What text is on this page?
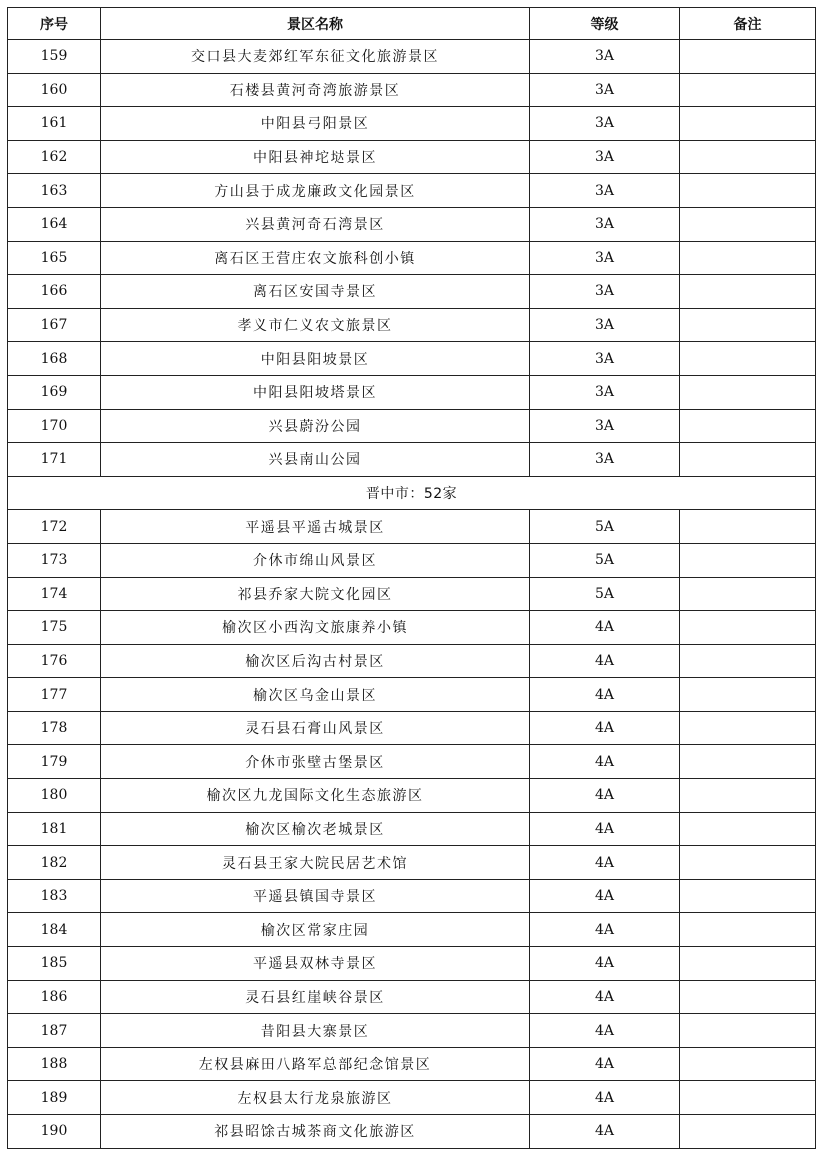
序号	景区名称	等级	备注
159	交口县大麦郊红军东征文化旅游景区	3A	
160	石楼县黄河奇湾旅游景区	3A	
161	中阳县弓阳景区	3A	
162	中阳县神坨垯景区	3A	
163	方山县于成龙廉政文化园景区	3A	
164	兴县黄河奇石湾景区	3A	
165	离石区王营庄农文旅科创小镇	3A	
166	离石区安国寺景区	3A	
167	孝义市仁义农文旅景区	3A	
168	中阳县阳坡景区	3A	
169	中阳县阳坡塔景区	3A	
170	兴县蔚汾公园	3A	
171	兴县南山公园	3A	
晋中市：52家			
172	平遥县平遥古城景区	5A	
173	介休市绵山风景区	5A	
174	祁县乔家大院文化园区	5A	
175	榆次区小西沟文旅康养小镇	4A	
176	榆次区后沟古村景区	4A	
177	榆次区乌金山景区	4A	
178	灵石县石膏山风景区	4A	
179	介休市张壁古堡景区	4A	
180	榆次区九龙国际文化生态旅游区	4A	
181	榆次区榆次老城景区	4A	
182	灵石县王家大院民居艺术馆	4A	
183	平遥县镇国寺景区	4A	
184	榆次区常家庄园	4A	
185	平遥县双林寺景区	4A	
186	灵石县红崖峡谷景区	4A	
187	昔阳县大寨景区	4A	
188	左权县麻田八路军总部纪念馆景区	4A	
189	左权县太行龙泉旅游区	4A	
190	祁县昭馀古城茶商文化旅游区	4A	
